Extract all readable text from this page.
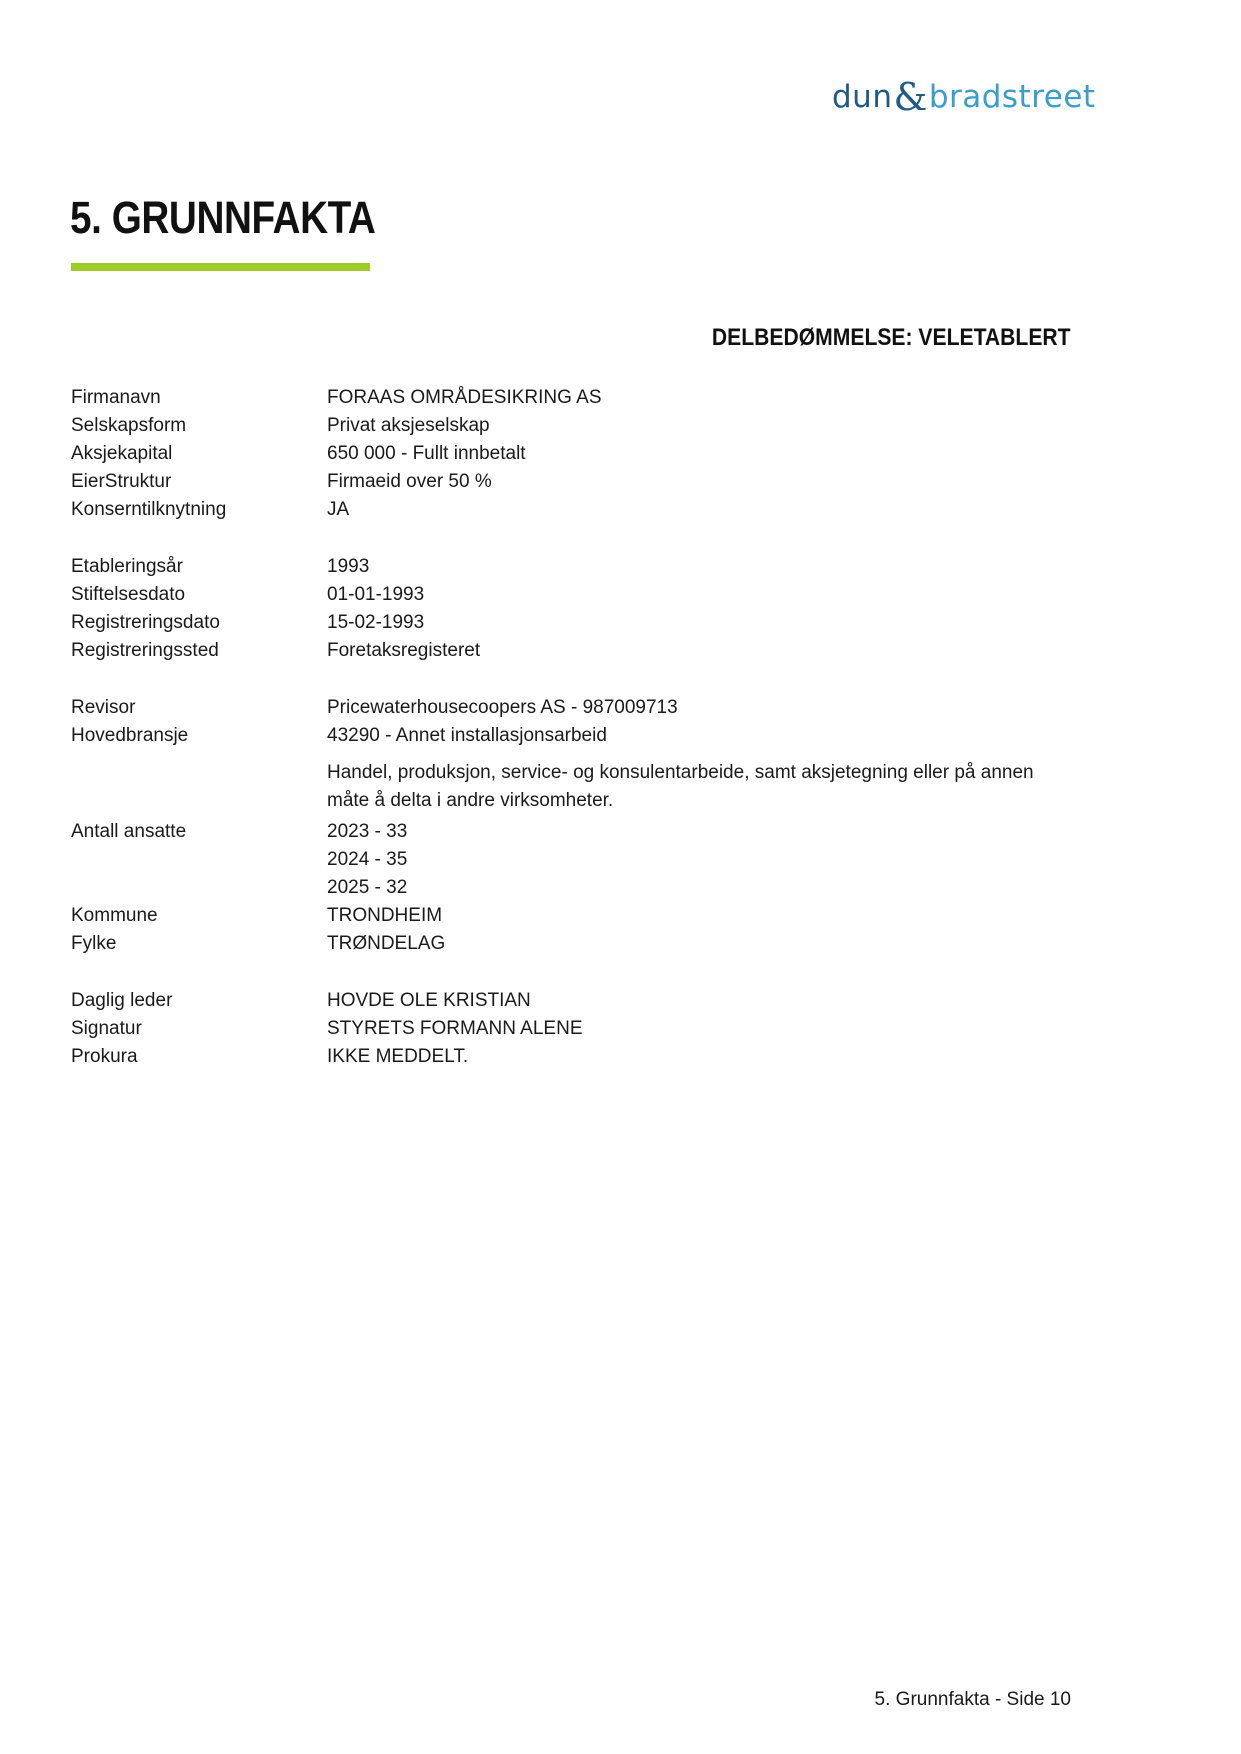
dun & bradstreet
5. GRUNNFAKTA
DELBEDØMMELSE: VELETABLERT
Firmanavn	FORAAS OMRÅDESIKRING AS
Selskapsform	Privat aksjeselskap
Aksjekapital	650 000 - Fullt innbetalt
EierStruktur	Firmaeid over 50 %
Konserntilknytning	JA
Etableringsår	1993
Stiftelsesdato	01-01-1993
Registreringsdato	15-02-1993
Registreringssted	Foretaksregisteret
Revisor	Pricewaterhousecoopers AS - 987009713
Hovedbransje	43290 - Annet installasjonsarbeid
Handel, produksjon, service- og konsulentarbeide, samt aksjetegning eller på annen måte å delta i andre virksomheter.
Antall ansatte	2023 - 33
2024 - 35
2025 - 32
Kommune	TRONDHEIM
Fylke	TRØNDELAG
Daglig leder	HOVDE OLE KRISTIAN
Signatur	STYRETS FORMANN ALENE
Prokura	IKKE MEDDELT.
5. Grunnfakta - Side 10
